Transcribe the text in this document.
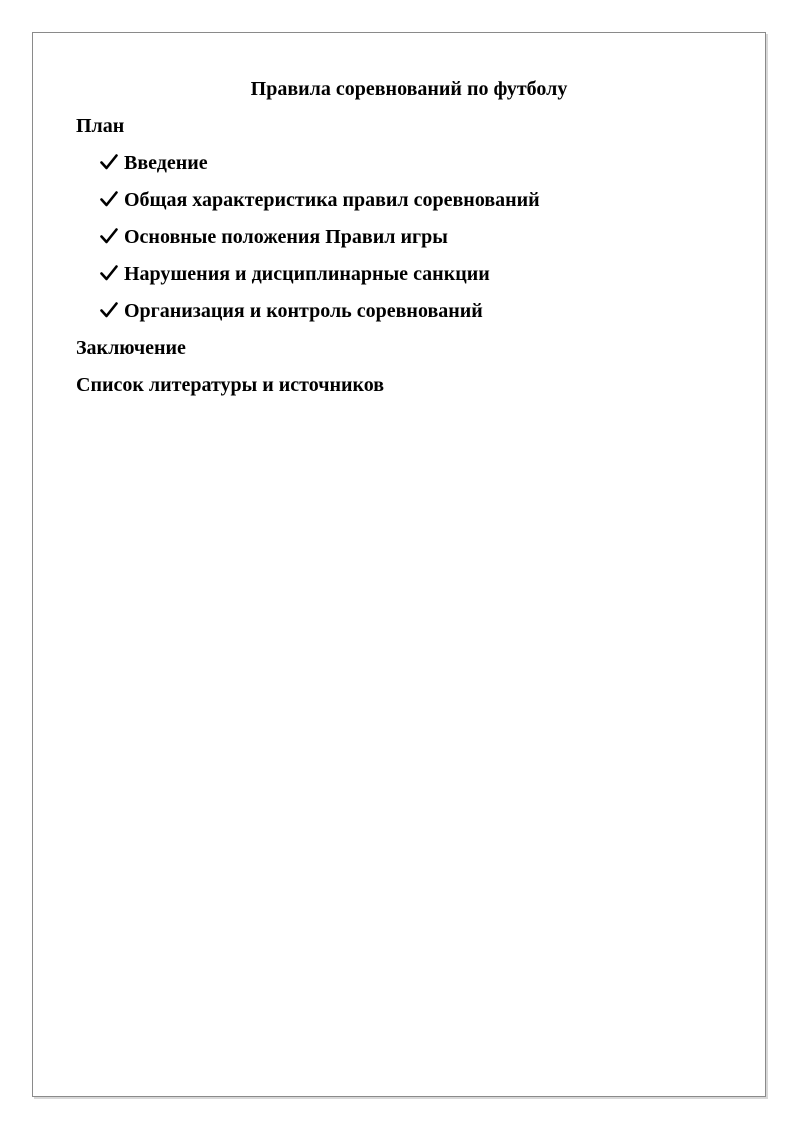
Правила соревнований по футболу

План

Введение
Общая характеристика правил соревнований
Основные положения Правил игры
Нарушения и дисциплинарные санкции
Организация и контроль соревнований

Заключение

Список литературы и источников
